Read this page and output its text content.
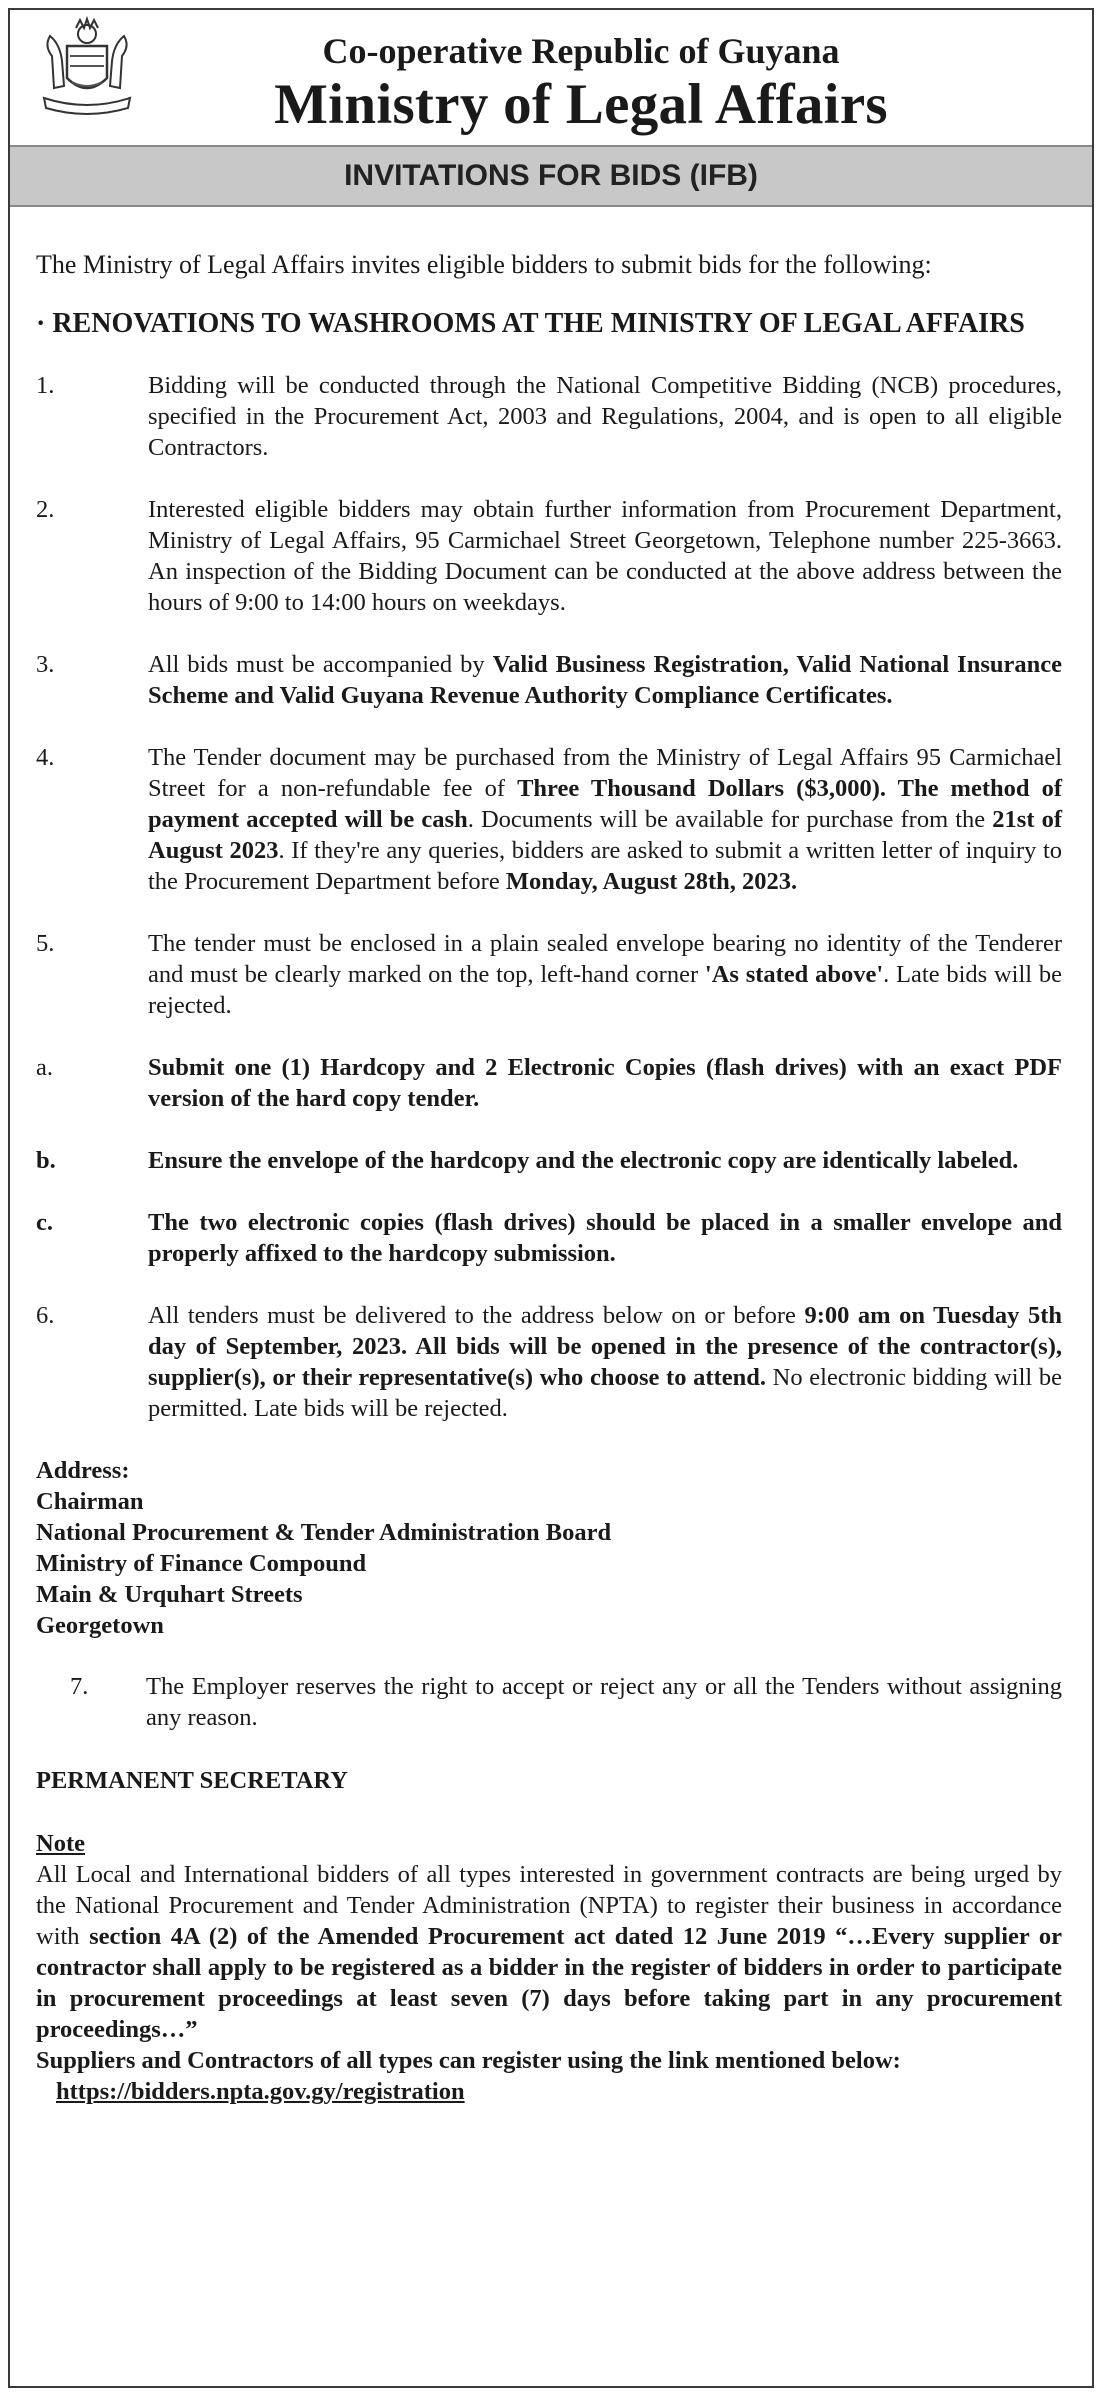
Co-operative Republic of Guyana
Ministry of Legal Affairs
INVITATIONS FOR BIDS (IFB)

The Ministry of Legal Affairs invites eligible bidders to submit bids for the following:

· RENOVATIONS TO WASHROOMS AT THE MINISTRY OF LEGAL AFFAIRS

1.	Bidding will be conducted through the National Competitive Bidding (NCB) procedures, specified in the Procurement Act, 2003 and Regulations, 2004, and is open to all eligible Contractors.
2.	Interested eligible bidders may obtain further information from Procurement Department, Ministry of Legal Affairs, 95 Carmichael Street Georgetown, Telephone number 225-3663. An inspection of the Bidding Document can be conducted at the above address between the hours of 9:00 to 14:00 hours on weekdays.
3.	All bids must be accompanied by Valid Business Registration, Valid National Insurance Scheme and Valid Guyana Revenue Authority Compliance Certificates.
4.	The Tender document may be purchased from the Ministry of Legal Affairs 95 Carmichael Street for a non-refundable fee of Three Thousand Dollars ($3,000). The method of payment accepted will be cash. Documents will be available for purchase from the 21st of August 2023. If they're any queries, bidders are asked to submit a written letter of inquiry to the Procurement Department before Monday, August 28th, 2023.
5.	The tender must be enclosed in a plain sealed envelope bearing no identity of the Tenderer and must be clearly marked on the top, left-hand corner 'As stated above'. Late bids will be rejected.
a.	Submit one (1) Hardcopy and 2 Electronic Copies (flash drives) with an exact PDF version of the hard copy tender.
b.	Ensure the envelope of the hardcopy and the electronic copy are identically labeled.
c.	The two electronic copies (flash drives) should be placed in a smaller envelope and properly affixed to the hardcopy submission.
6.	All tenders must be delivered to the address below on or before 9:00 am on Tuesday 5th day of September, 2023. All bids will be opened in the presence of the contractor(s), supplier(s), or their representative(s) who choose to attend. No electronic bidding will be permitted. Late bids will be rejected.
Address:
Chairman
National Procurement & Tender Administration Board
Ministry of Finance Compound
Main & Urquhart Streets
Georgetown
7.	The Employer reserves the right to accept or reject any or all the Tenders without assigning any reason.
PERMANENT SECRETARY
Note
All Local and International bidders of all types interested in government contracts are being urged by the National Procurement and Tender Administration (NPTA) to register their business in accordance with section 4A (2) of the Amended Procurement act dated 12 June 2019 “…Every supplier or contractor shall apply to be registered as a bidder in the register of bidders in order to participate in procurement proceedings at least seven (7) days before taking part in any procurement proceedings…”
Suppliers and Contractors of all types can register using the link mentioned below:
https://bidders.npta.gov.gy/registration
